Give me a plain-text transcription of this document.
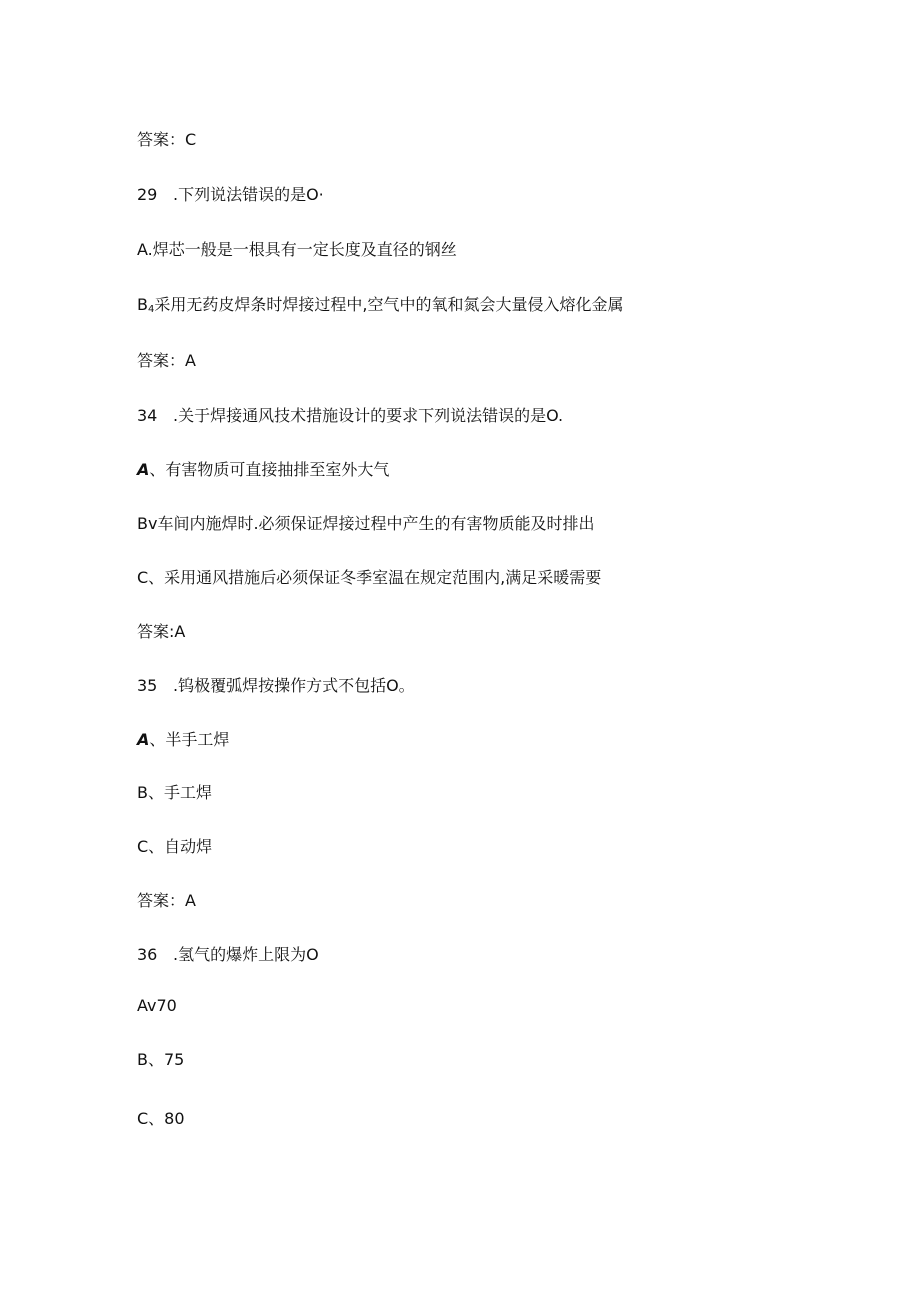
答案：C
29 .下列说法错误的是O·
A.焊芯一般是一根具有一定长度及直径的钢丝
$B_4$采用无药皮焊条时焊接过程中,空气中的氧和氮会大量侵入熔化金属
答案：A
34 .关于焊接通风技术措施设计的要求下列说法错误的是O.
A、有害物质可直接抽排至室外大气
Bv车间内施焊时.必须保证焊接过程中产生的有害物质能及时排出
C、采用通风措施后必须保证冬季室温在规定范围内,满足采暖需要
答案:A
35 .钨极覆弧焊按操作方式不包括O。
A、半手工焊
B、手工焊
C、自动焊
答案：A
36 .氢气的爆炸上限为O
Av70
B、75
C、80
